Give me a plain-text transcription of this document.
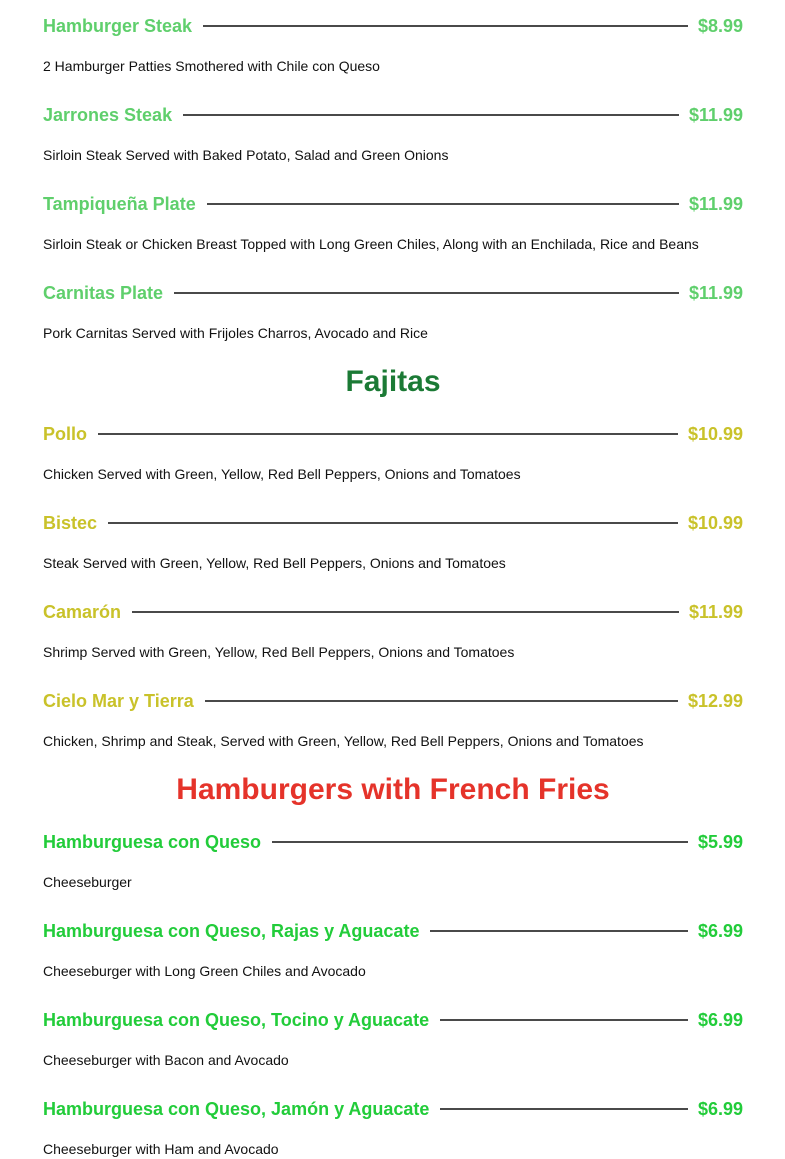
Hamburger Steak	$8.99
2 Hamburger Patties Smothered with Chile con Queso
Jarrones Steak	$11.99
Sirloin Steak Served with Baked Potato, Salad and Green Onions
Tampiqueña Plate	$11.99
Sirloin Steak or Chicken Breast Topped with Long Green Chiles, Along with an Enchilada, Rice and Beans
Carnitas Plate	$11.99
Pork Carnitas Served with Frijoles Charros, Avocado and Rice
Fajitas
Pollo	$10.99
Chicken Served with Green, Yellow, Red Bell Peppers, Onions and Tomatoes
Bistec	$10.99
Steak Served with Green, Yellow, Red Bell Peppers, Onions and Tomatoes
Camarón	$11.99
Shrimp Served with Green, Yellow, Red Bell Peppers, Onions and Tomatoes
Cielo Mar y Tierra	$12.99
Chicken, Shrimp and Steak, Served with Green, Yellow, Red Bell Peppers, Onions and Tomatoes
Hamburgers with French Fries
Hamburguesa con Queso	$5.99
Cheeseburger
Hamburguesa con Queso, Rajas y Aguacate	$6.99
Cheeseburger with Long Green Chiles and Avocado
Hamburguesa con Queso, Tocino y Aguacate	$6.99
Cheeseburger with Bacon and Avocado
Hamburguesa con Queso, Jamón y Aguacate	$6.99
Cheeseburger with Ham and Avocado
